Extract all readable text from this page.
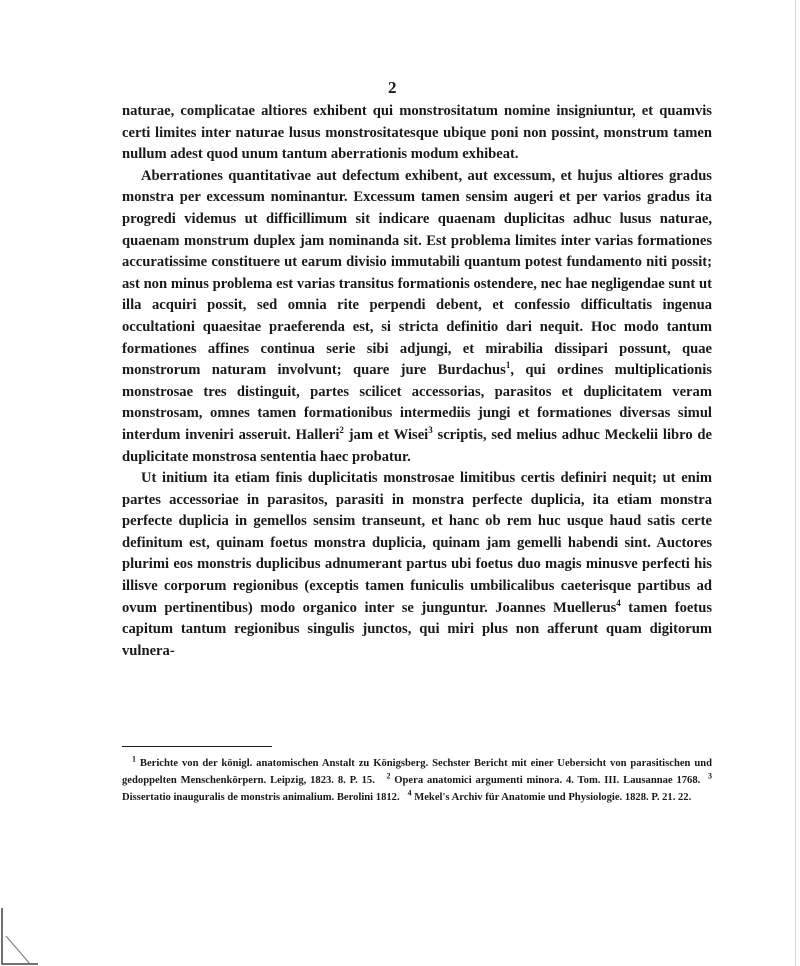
2

naturae, complicatae altiores exhibent qui monstrositatum nomine insigniuntur, et quamvis certi limites inter naturae lusus monstrositatesque ubique poni non possint, monstrum tamen nullum adest quod unum tantum aberrationis modum exhibeat.

Aberrationes quantitativae aut defectum exhibent, aut excessum, et hujus altiores gradus monstra per excessum nominantur. Excessum tamen sensim augeri et per varios gradus ita progredi videmus ut difficillimum sit indicare quaenam duplicitas adhuc lusus naturae, quaenam monstrum duplex jam nominanda sit. Est problema limites inter varias formationes accuratissime constituere ut earum divisio immutabili quantum potest fundamento niti possit; ast non minus problema est varias transitus formationis ostendere, nec hae negligendae sunt ut illa acquiri possit, sed omnia rite perpendi debent, et confessio difficultatis ingenua occultationi quaesitae praeferenda est, si stricta definitio dari nequit. Hoc modo tantum formationes affines continua serie sibi adjungi, et mirabilia dissipari possunt, quae monstrorum naturam involvunt; quare jure Burdachus$^1$, qui ordines multiplicationis monstrosae tres distinguit, partes scilicet accessorias, parasitos et duplicitatem veram monstrosam, omnes tamen formationibus intermediis jungi et formationes diversas simul interdum inveniri asseruit. Halleri$^2$ jam et Wisei$^3$ scriptis, sed melius adhuc Meckelii libro de duplicitate monstrosa sententia haec probatur.

Ut initium ita etiam finis duplicitatis monstrosae limitibus certis definiri nequit; ut enim partes accessoriae in parasitos, parasiti in monstra perfecte duplicia, ita etiam monstra perfecte duplicia in gemellos sensim transeunt, et hanc ob rem huc usque haud satis certe definitum est, quinam foetus monstra duplicia, quinam jam gemelli habendi sint. Auctores plurimi eos monstris duplicibus adnumerant partus ubi foetus duo magis minusve perfecti his illisve corporum regionibus (exceptis tamen funiculis umbilicalibus caeterisque partibus ad ovum pertinentibus) modo organico inter se junguntur. Joannes Muellerus$^4$ tamen foetus capitum tantum regionibus singulis junctos, qui miri plus non afferunt quam digitorum vulnera-

$^1$ Berichte von der königl. anatomischen Anstalt zu Königsberg. Sechster Bericht mit einer Uebersicht von parasitischen und gedoppelten Menschenkörpern. Leipzig, 1823. 8. P. 15. $^2$ Opera anatomici argumenti minora. 4. Tom. III. Lausannae 1768. $^3$ Dissertatio inauguralis de monstris animalium. Berolini 1812. $^4$ Mekel's Archiv für Anatomie und Physiologie. 1828. P. 21. 22.
